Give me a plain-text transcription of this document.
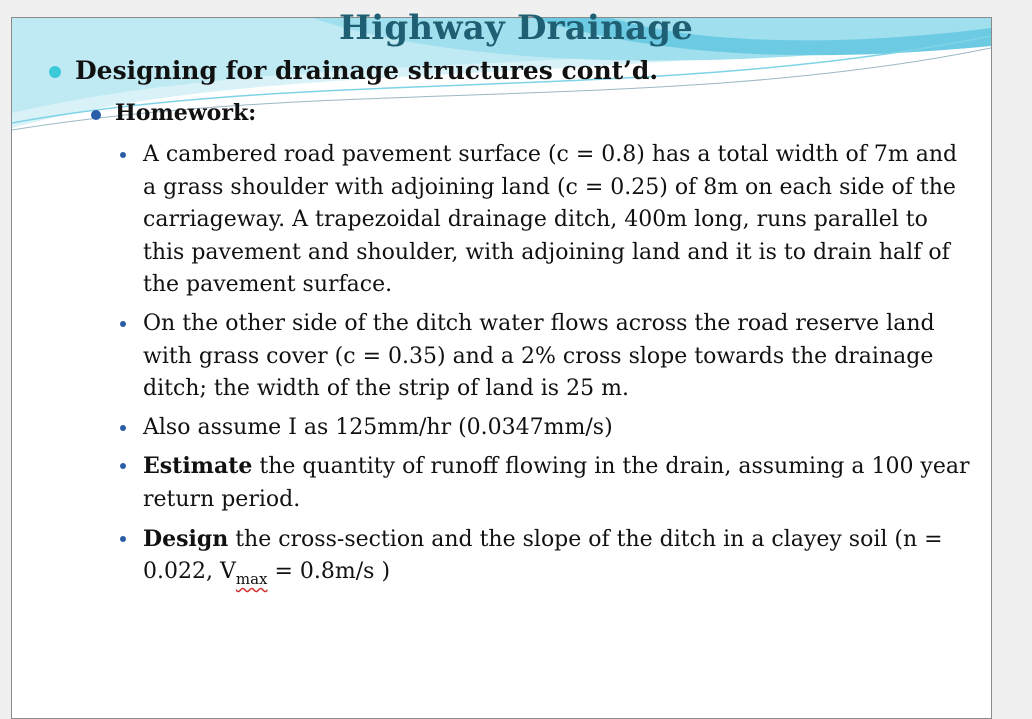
Highway Drainage
Designing for drainage structures cont’d.
Homework:
A cambered road pavement surface (c = 0.8) has a total width of 7m and a grass shoulder with adjoining land (c = 0.25) of 8m on each side of the carriageway. A trapezoidal drainage ditch, 400m long, runs parallel to this pavement and shoulder, with adjoining land and it is to drain half of the pavement surface.
On the other side of the ditch water flows across the road reserve land with grass cover (c = 0.35) and a 2% cross slope towards the drainage ditch; the width of the strip of land is 25 m.
Also assume I as 125mm/hr (0.0347mm/s)
Estimate the quantity of runoff flowing in the drain, assuming a 100 year return period.
Design the cross-section and the slope of the ditch in a clayey soil (n = 0.022, $V_{max} = 0.8m/s$ )
